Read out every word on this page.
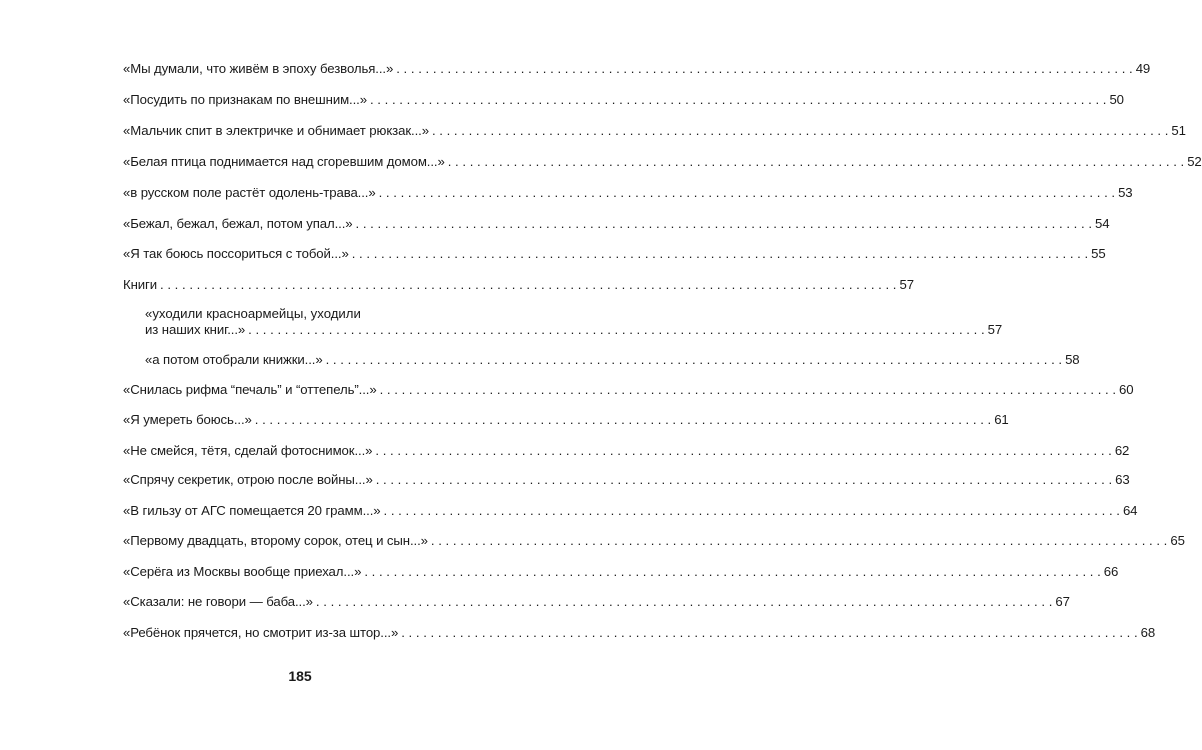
«Мы думали, что живём в эпоху безволья...» . . .	49
«Посудить по признакам по внешним...» . . .	50
«Мальчик спит в электричке и обнимает рюкзак...» . . .	51
«Белая птица поднимается над сгоревшим домом...» . . .	52
«в русском поле растёт одолень-трава...» . . .	53
«Бежал, бежал, бежал, потом упал...» . . .	54
«Я так боюсь поссориться с тобой...» . . .	55
Книги . . .	57
«уходили красноармейцы, уходили
из наших книг...» . . .	57
«а потом отобрали книжки...» . . .	58
«Снилась рифма “печаль” и “оттепель”...» . . .	60
«Я умереть боюсь...» . . .	61
«Не смейся, тётя, сделай фотоснимок...» . . .	62
«Спрячу секретик, отрою после войны...» . . .	63
«В гильзу от АГС помещается 20 грамм...» . . .	64
«Первому двадцать, второму сорок, отец и сын...» . . .	65
«Серёга из Москвы вообще приехал...» . . .	66
«Сказали: не говори — баба...» . . .	67
«Ребёнок прячется, но смотрит из-за штор...» . . .	68
185
